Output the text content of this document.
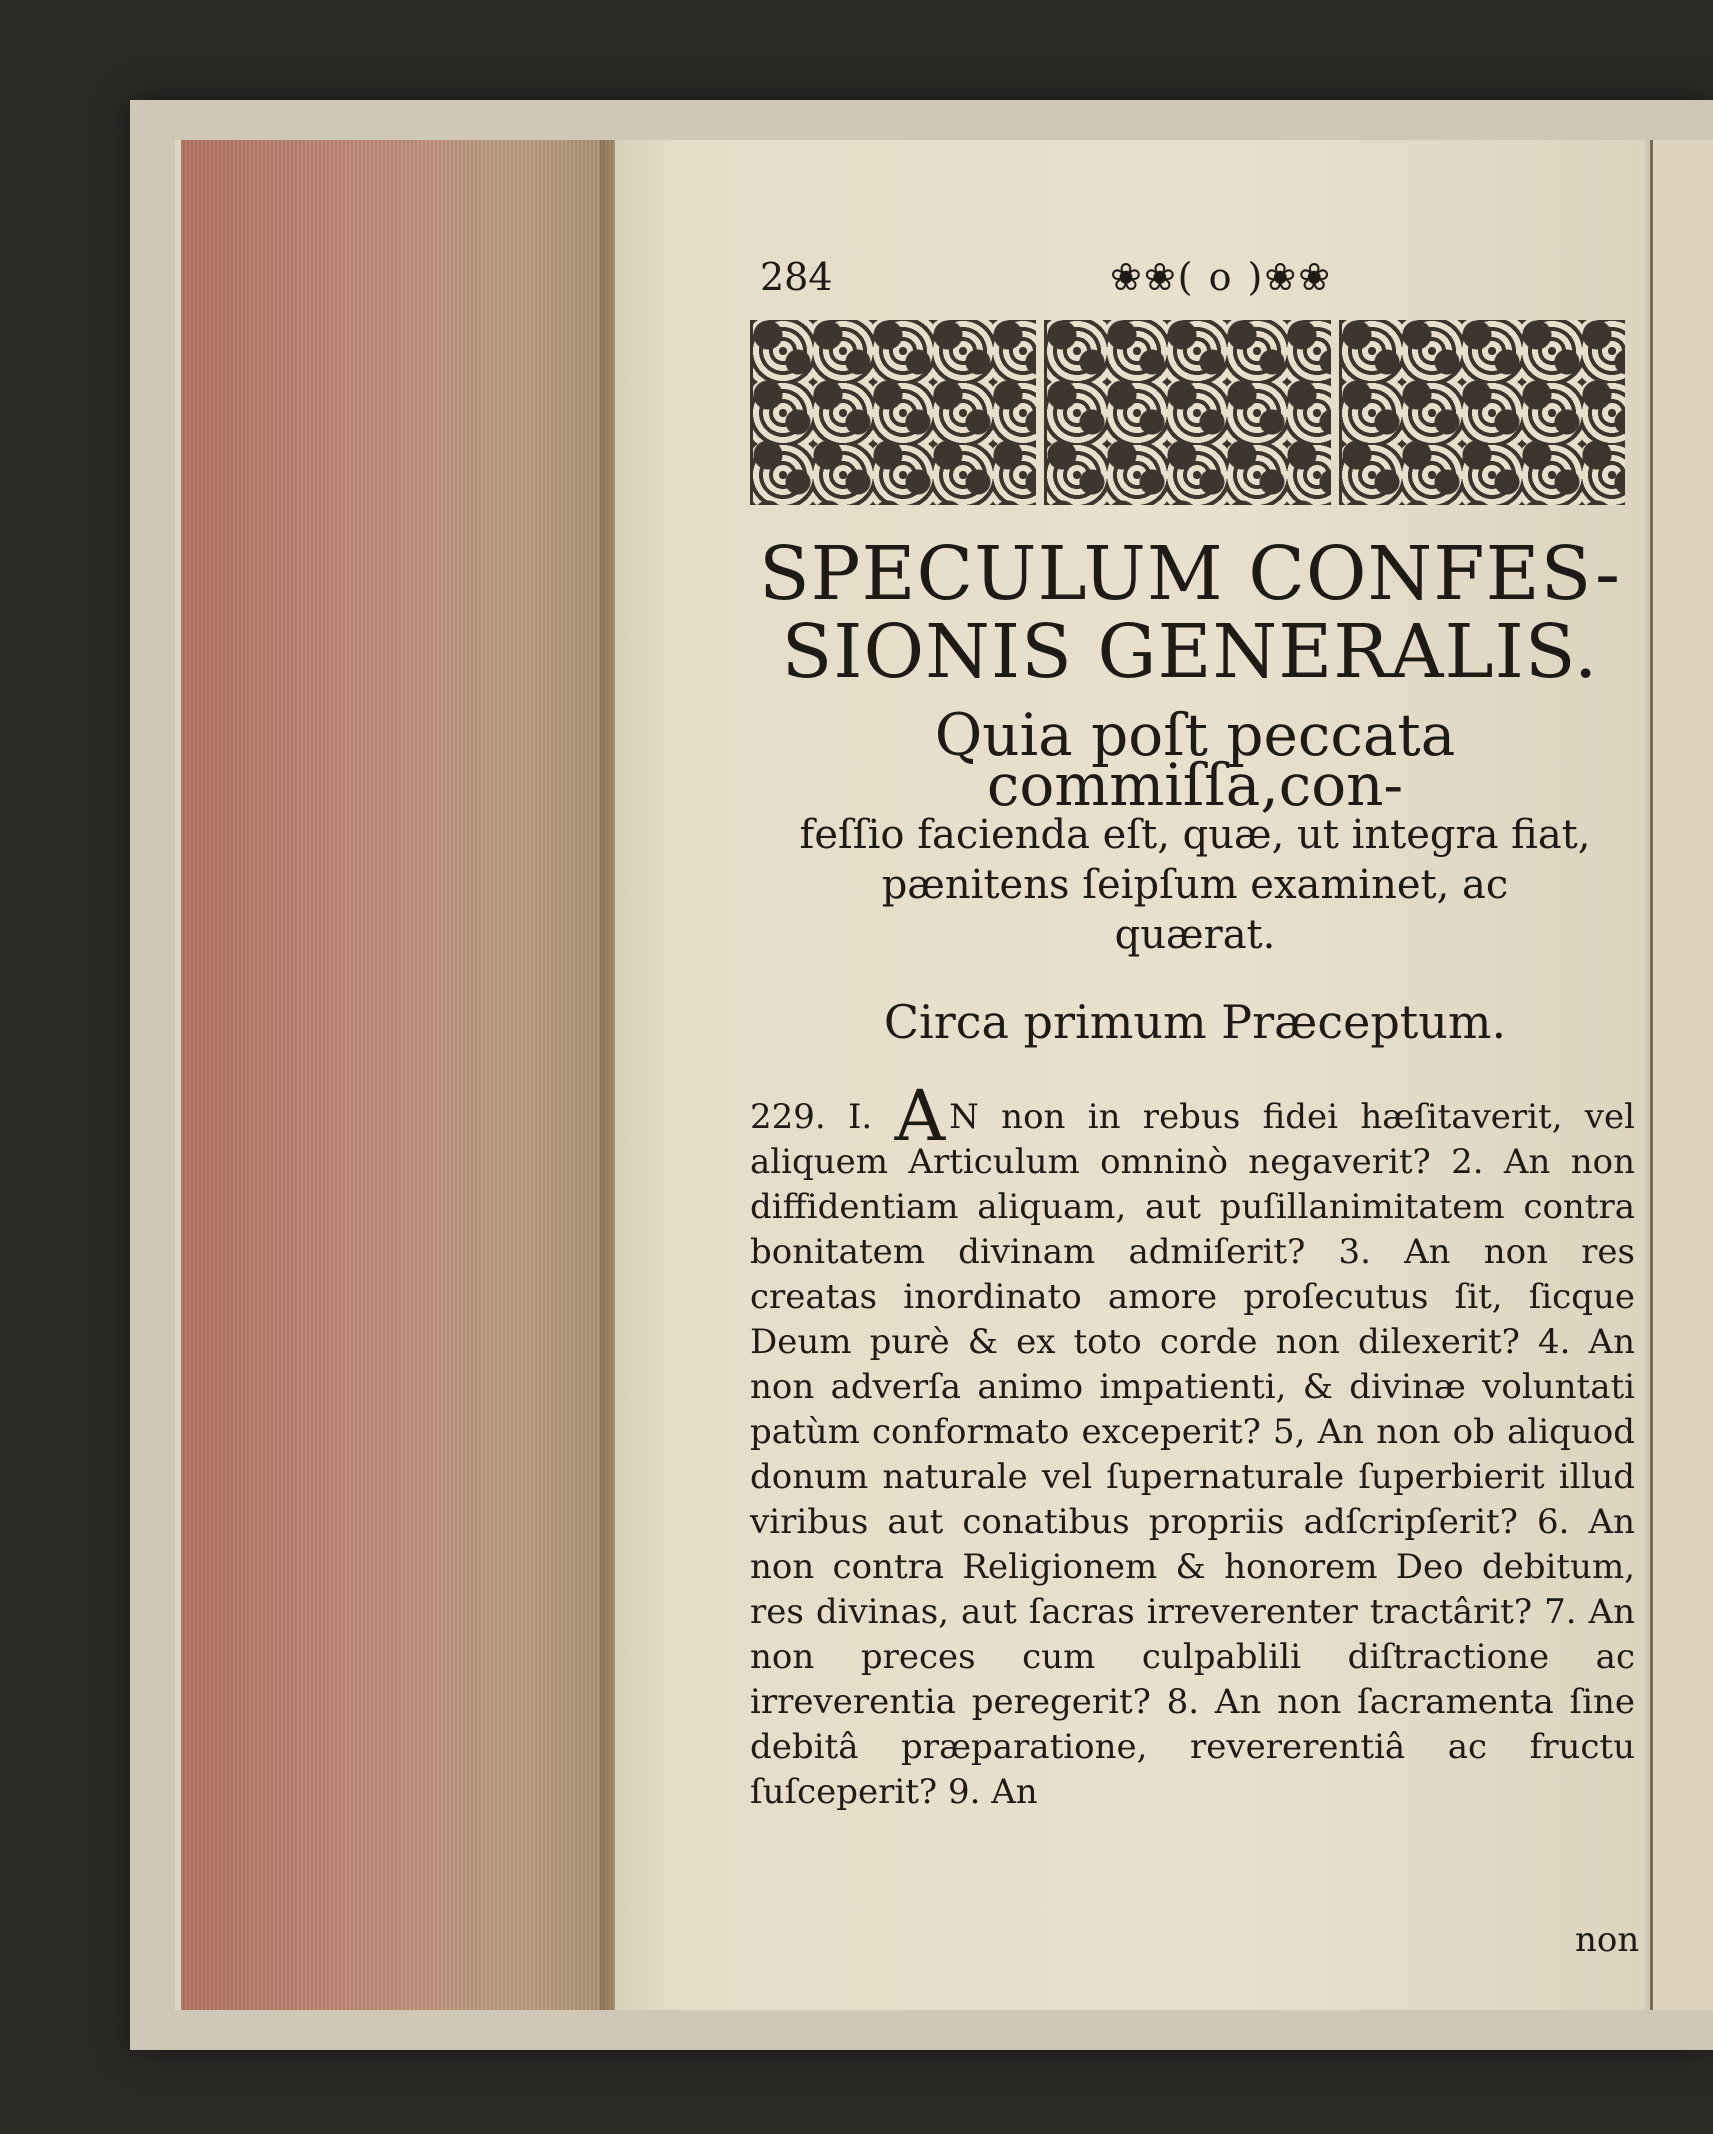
284	❀❀( o )❀❀
SPECULUM CONFES-
SIONIS GENERALIS.
Quia poſt peccata commiſſa,con-
feſſio facienda eſt, quæ, ut integra fiat,
pænitens ſeipſum examinet, ac
quærat.
Circa primum Præceptum.
229. I. A N non in rebus fidei hæſitaverit, vel aliquem Articulum omninò negaverit? 2. An non diffidentiam aliquam, aut puſillanimitatem contra bonitatem divinam admiſerit? 3. An non res creatas inordinato amore proſecutus ſit, ſicque Deum purè & ex toto corde non dilexerit? 4. An non adverſa animo impatienti, & divinæ voluntati patùm conformato exceperit? 5, An non ob aliquod donum naturale vel ſupernaturale ſuperbierit illud viribus aut conatibus propriis adſcripſerit? 6. An non contra Religionem & honorem Deo debitum, res divinas, aut ſacras irreverenter tractârit? 7. An non preces cum culpablili diſtractione ac irreverentia peregerit? 8. An non ſacramenta ſine debitâ præparatione, revererentiâ ac fructu ſuſceperit? 9. An
non
